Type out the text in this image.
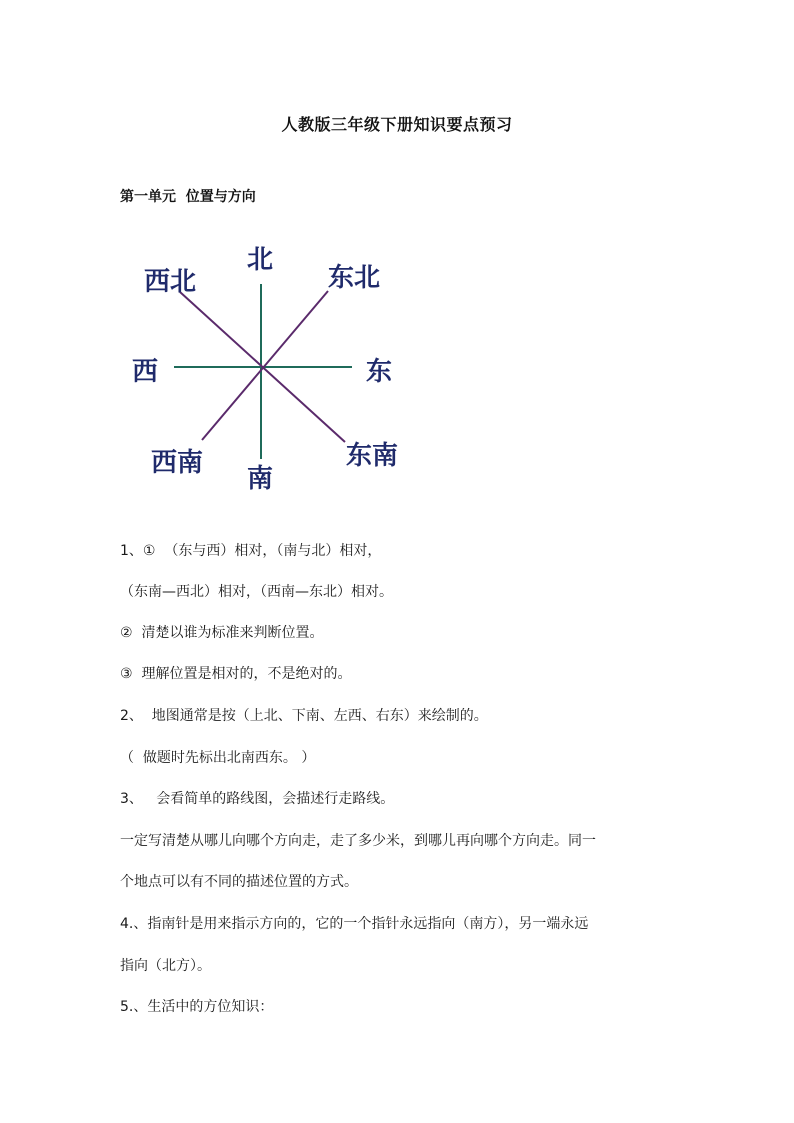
人教版三年级下册知识要点预习
第一单元  位置与方向
北
东北
东
东南
南
西南
西
西北
1、①  （东与西）相对，（南与北）相对，
（东南—西北）相对，（西南—东北）相对。
②  清楚以谁为标准来判断位置。
③  理解位置是相对的，不是绝对的。
2、  地图通常是按（上北、下南、左西、右东）来绘制的。
（  做题时先标出北南西东。 ）
3、   会看简单的路线图，会描述行走路线。
一定写清楚从哪儿向哪个方向走，走了多少米，到哪儿再向哪个方向走。同一
个地点可以有不同的描述位置的方式。
4.、指南针是用来指示方向的，它的一个指针永远指向（南方），另一端永远
指向（北方）。
5.、生活中的方位知识：
